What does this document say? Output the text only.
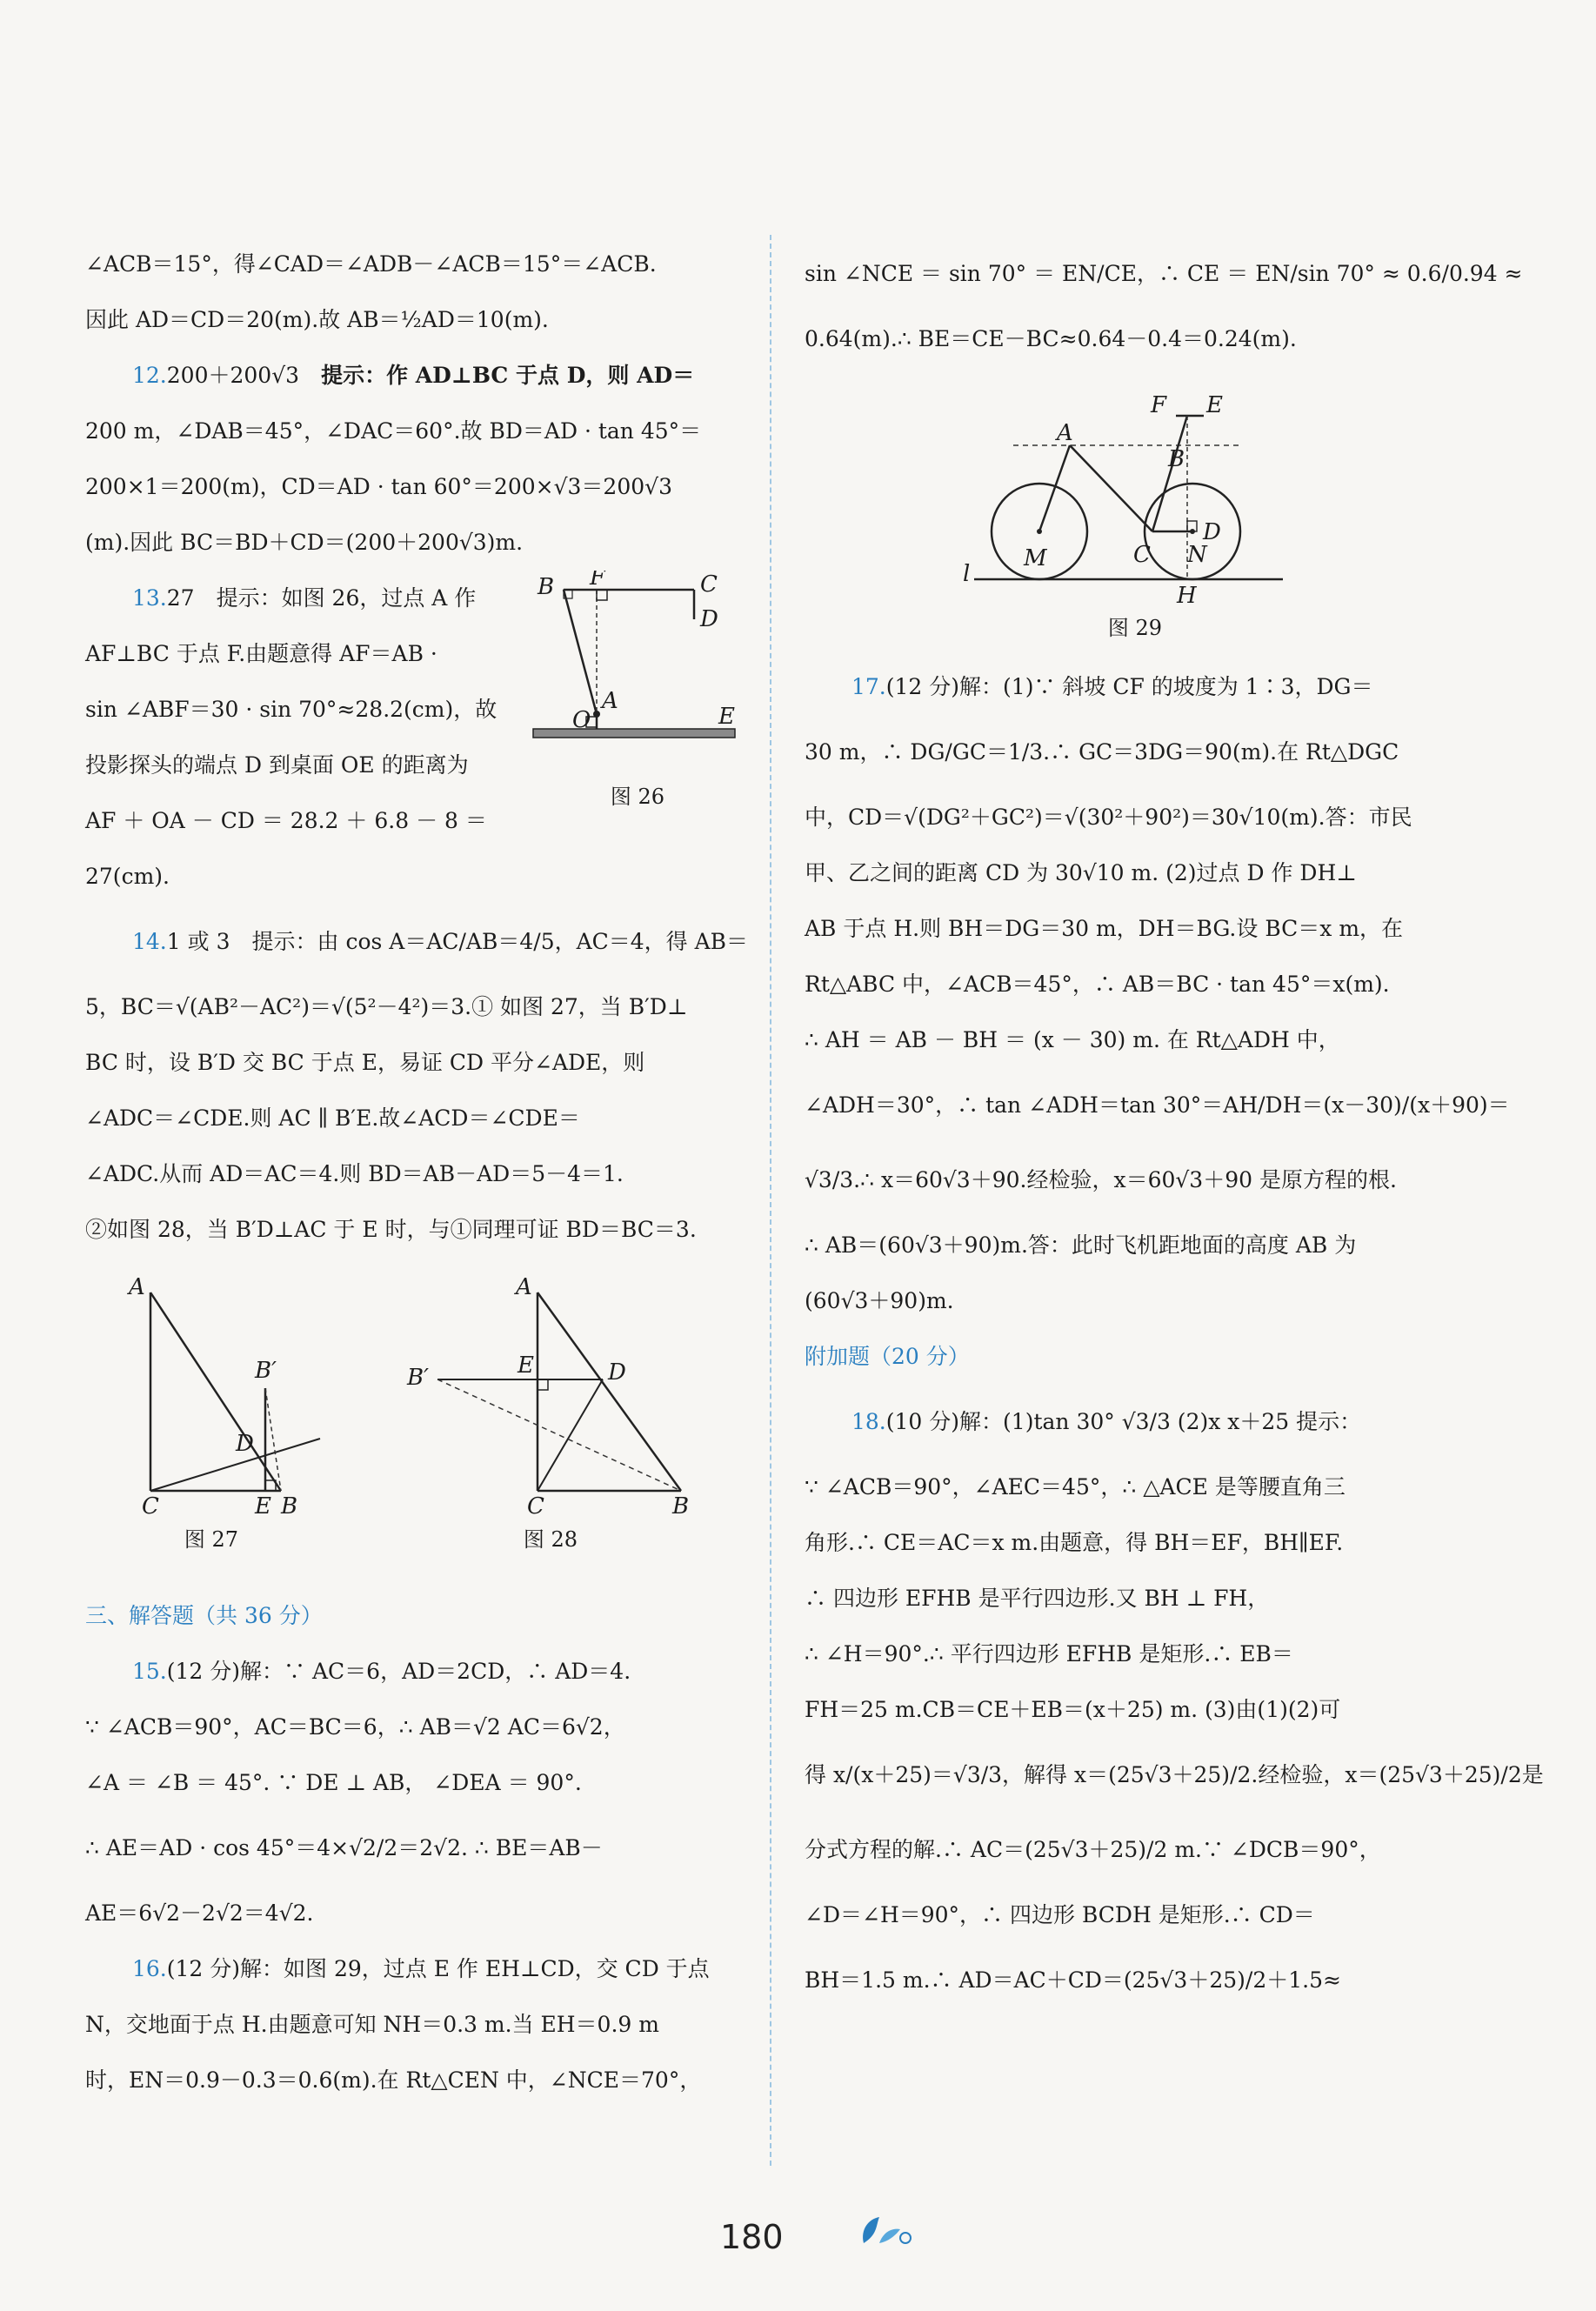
∠ACB＝15°，得∠CAD＝∠ADB－∠ACB＝15°＝∠ACB.
因此 AD＝CD＝20(m).故 AB＝½AD＝10(m).
12.200＋200√3　 提示：作 AD⊥BC 于点 D，则 AD＝
200 m，∠DAB＝45°，∠DAC＝60°.故 BD＝AD · tan 45°＝
200×1＝200(m)，CD＝AD · tan 60°＝200×√3＝200√3
(m).因此 BC＝BD＋CD＝(200＋200√3)m.
13.27　 提示：如图 26，过点 A 作
AF⊥BC 于点 F.由题意得 AF＝AB ·
sin ∠ABF＝30 · sin 70°≈28.2(cm)，故
投影探头的端点 D 到桌面 OE 的距离为
AF ＋ OA － CD ＝ 28.2 ＋ 6.8 － 8 ＝
27(cm).
B F	C
D
A
O	E
图 26
14.1 或 3　 提示：由 cos A＝AC/AB＝4/5，AC＝4，得 AB＝
5，BC＝√(AB²－AC²)＝√(5²－4²)＝3.① 如图 27，当 B′D⊥
BC 时，设 B′D 交 BC 于点 E，易证 CD 平分∠ADE，则
∠ADC＝∠CDE.则 AC ∥ B′E.故∠ACD＝∠CDE＝
∠ADC.从而 AD＝AC＝4.则 BD＝AB－AD＝5－4＝1.
②如图 28，当 B′D⊥AC 于 E 时，与①同理可证 BD＝BC＝3.
A
B′
D
C	E B
图 27
A
B′	E	D
C	B
图 28
三、解答题（共 36 分）
15.(12 分)解：∵ AC＝6，AD＝2CD，∴ AD＝4.
∵ ∠ACB＝90°，AC＝BC＝6，∴ AB＝√2 AC＝6√2，
∠A ＝ ∠B ＝ 45°. ∵ DE ⊥ AB， ∠DEA ＝ 90°.
∴ AE＝AD · cos 45°＝4×√2/2＝2√2. ∴ BE＝AB－
AE＝6√2－2√2＝4√2.
16.(12 分)解：如图 29，过点 E 作 EH⊥CD，交 CD 于点
N，交地面于点 H.由题意可知 NH＝0.3 m.当 EH＝0.9 m
时，EN＝0.9－0.3＝0.6(m).在 Rt△CEN 中，∠NCE＝70°，
sin ∠NCE ＝ sin 70° ＝ EN/CE，∴ CE ＝ EN/sin 70° ≈ 0.6/0.94 ≈
0.64(m).∴ BE＝CE－BC≈0.64－0.4＝0.24(m).
F E
A
B
M	C N
D
l
H
图 29
17.(12 分)解：(1)∵ 斜坡 CF 的坡度为 1∶3，DG＝
30 m，∴ DG/GC＝1/3.∴ GC＝3DG＝90(m).在 Rt△DGC
中，CD＝√(DG²＋GC²)＝√(30²＋90²)＝30√10(m).答：市民
甲、乙之间的距离 CD 为 30√10 m. (2)过点 D 作 DH⊥
AB 于点 H.则 BH＝DG＝30 m，DH＝BG.设 BC＝x m，在
Rt△ABC 中，∠ACB＝45°，∴ AB＝BC · tan 45°＝x(m).
∴ AH ＝ AB － BH ＝ (x － 30) m. 在 Rt△ADH 中，
∠ADH＝30°，∴ tan ∠ADH＝tan 30°＝AH/DH＝(x－30)/(x＋90)＝
√3/3.∴ x＝60√3＋90.经检验，x＝60√3＋90 是原方程的根.
∴ AB＝(60√3＋90)m.答：此时飞机距地面的高度 AB 为
(60√3＋90)m.
附加题（20 分）
18.(10 分)解：(1)tan 30° √3/3 (2)x x＋25 提示：
∵ ∠ACB＝90°，∠AEC＝45°，∴ △ACE 是等腰直角三
角形.∴ CE＝AC＝x m.由题意，得 BH＝EF，BH∥EF.
∴ 四边形 EFHB 是平行四边形.又 BH ⊥ FH，
∴ ∠H＝90°.∴ 平行四边形 EFHB 是矩形.∴ EB＝
FH＝25 m.CB＝CE＋EB＝(x＋25) m. (3)由(1)(2)可
得 x/(x＋25)＝√3/3，解得 x＝(25√3＋25)/2.经检验，x＝(25√3＋25)/2是
分式方程的解.∴ AC＝(25√3＋25)/2 m.∵ ∠DCB＝90°，
∠D＝∠H＝90°，∴ 四边形 BCDH 是矩形.∴ CD＝
BH＝1.5 m.∴ AD＝AC＋CD＝(25√3＋25)/2＋1.5≈
180
